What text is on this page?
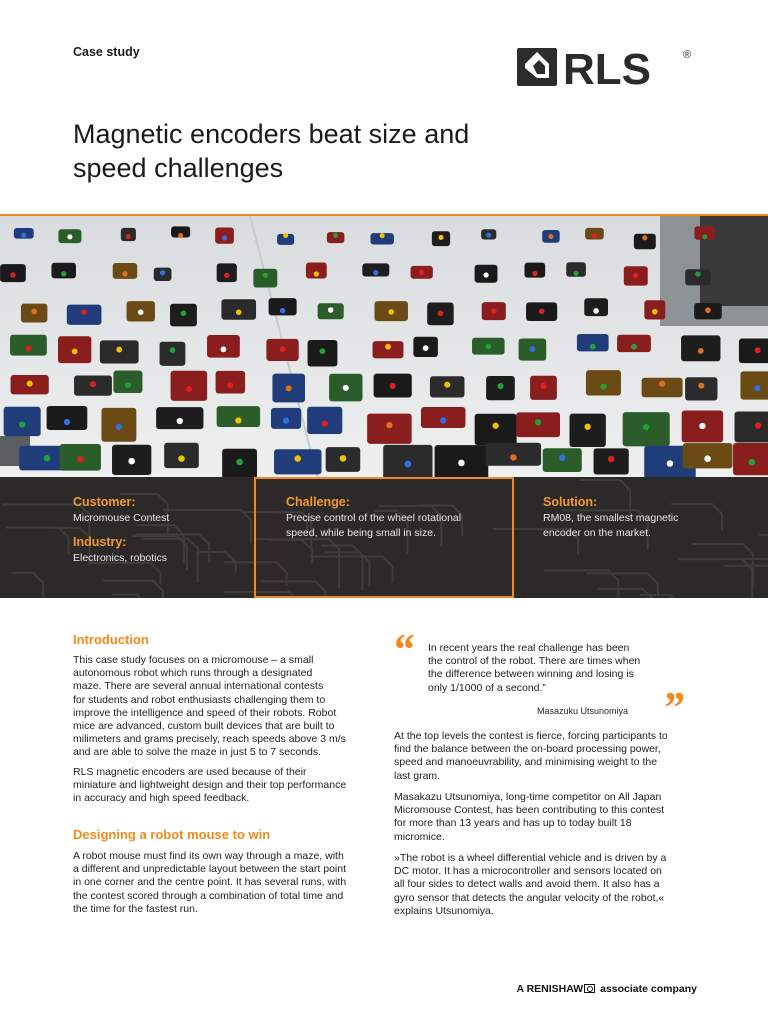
Case study	RLS	®
Magnetic encoders beat size and
speed challenges
Customer:
Micromouse Contest
Industry:
Electronics, robotics
Challenge:
Precise control of the wheel rotational
speed, while being small in size.
Solution:
RM08, the smallest magnetic
encoder on the market.
Introduction
This case study focuses on a micromouse – a small
autonomous robot which runs through a designated
maze. There are several annual international contests
for students and robot enthusiasts challenging them to
improve the intelligence and speed of their robots. Robot
mice are advanced, custom built devices that are built to
milimeters and grams precisely, reach speeds above 3 m/s
and are able to solve the maze in just 5 to 7 seconds.
RLS magnetic encoders are used because of their
miniature and lightweight design and their top performance
in accuracy and high speed feedback.
Designing a robot mouse to win
A robot mouse must find its own way through a maze, with
a different and unpredictable layout between the start point
in one corner and the centre point. It has several runs, with
the contest scored through a combination of total time and
the time for the fastest run.
“ In recent years the real challenge has been
the control of the robot. There are times when
the difference between winning and losing is
only 1/1000 of a second.”
Masazuku Utsunomiya ”
At the top levels the contest is fierce, forcing participants to
find the balance between the on-board processing power,
speed and manoeuvrability, and minimising weight to the
last gram.
Masakazu Utsunomiya, long-time competitor on All Japan
Micromouse Contest, has been contributing to this contest
for more than 13 years and has up to today built 18
micromice.
»The robot is a wheel differential vehicle and is driven by a
DC motor. It has a microcontroller and sensors located on
all four sides to detect walls and avoid them. It also has a
gyro sensor that detects the angular velocity of the robot,«
explains Utsunomiya.
A RENISHAW associate company
